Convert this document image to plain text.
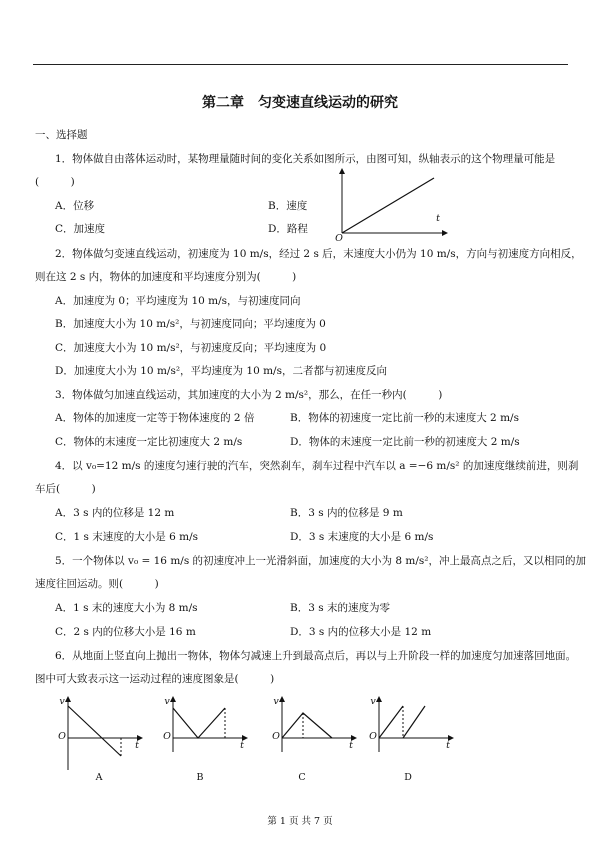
第二章　匀变速直线运动的研究
一、选择题
1．物体做自由落体运动时，某物理量随时间的变化关系如图所示，由图可知，纵轴表示的这个物理量可能是
(　　　)
A．位移	B．速度
C．加速度	D．路程
t
O
2．物体做匀变速直线运动，初速度为 10 m/s，经过 2 s 后，末速度大小仍为 10 m/s，方向与初速度方向相反，
则在这 2 s 内，物体的加速度和平均速度分别为(　　　)
A．加速度为 0；平均速度为 10 m/s，与初速度同向
B．加速度大小为 10 m/s²，与初速度同向；平均速度为 0
C．加速度大小为 10 m/s²，与初速度反向；平均速度为 0
D．加速度大小为 10 m/s²，平均速度为 10 m/s，二者都与初速度反向
3．物体做匀加速直线运动，其加速度的大小为 2 m/s²，那么，在任一秒内(　　　)
A．物体的加速度一定等于物体速度的 2 倍	B．物体的初速度一定比前一秒的末速度大 2 m/s
C．物体的末速度一定比初速度大 2 m/s	D．物体的末速度一定比前一秒的初速度大 2 m/s
4．以 v₀=12 m/s 的速度匀速行驶的汽车，突然刹车，刹车过程中汽车以 a =−6 m/s² 的加速度继续前进，则刹
车后(　　　)
A．3 s 内的位移是 12 m	B．3 s 内的位移是 9 m
C．1 s 末速度的大小是 6 m/s	D．3 s 末速度的大小是 6 m/s
5．一个物体以 v₀ = 16 m/s 的初速度冲上一光滑斜面，加速度的大小为 8 m/s²，冲上最高点之后，又以相同的加
速度往回运动。则(　　　)
A．1 s 末的速度大小为 8 m/s	B．3 s 末的速度为零
C．2 s 内的位移大小是 16 m	D．3 s 内的位移大小是 12 m
6．从地面上竖直向上抛出一物体，物体匀减速上升到最高点后，再以与上升阶段一样的加速度匀加速落回地面。
图中可大致表示这一运动过程的速度图象是(　　　)
v
O
t
v
O
t
v
O
t
v
O
t
A	B	C	D
第 1 页 共 7 页
